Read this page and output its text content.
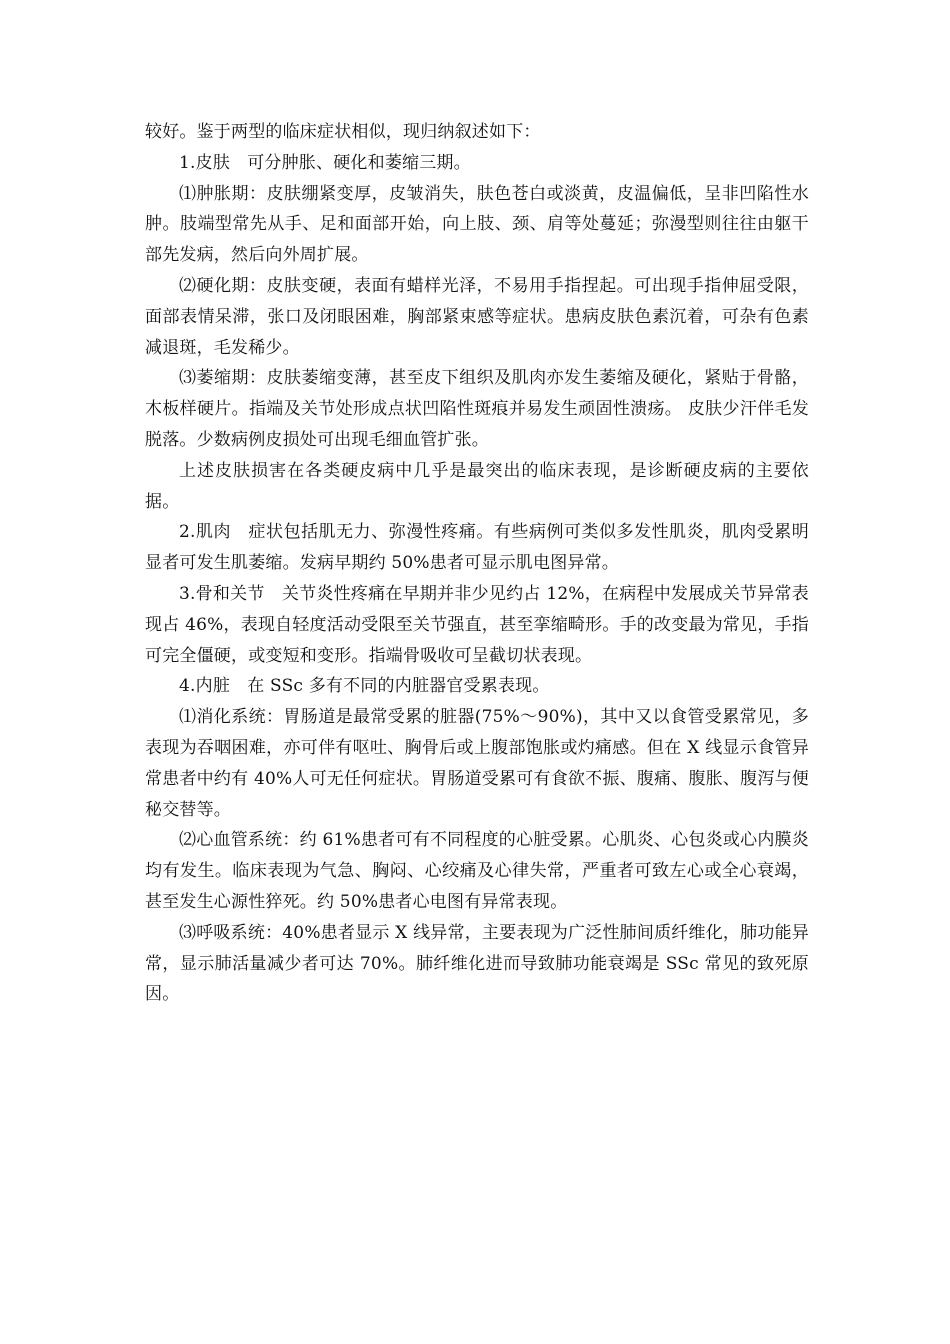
较好。鉴于两型的临床症状相似，现归纳叙述如下：

1.皮肤　可分肿胀、硬化和萎缩三期。

⑴肿胀期：皮肤绷紧变厚，皮皱消失，肤色苍白或淡黄，皮温偏低，呈非凹陷性水肿。肢端型常先从手、足和面部开始，向上肢、颈、肩等处蔓延；弥漫型则往往由躯干部先发病，然后向外周扩展。

⑵硬化期：皮肤变硬，表面有蜡样光泽，不易用手指捏起。可出现手指伸屈受限，面部表情呆滞，张口及闭眼困难，胸部紧束感等症状。患病皮肤色素沉着，可杂有色素减退斑，毛发稀少。

⑶萎缩期：皮肤萎缩变薄，甚至皮下组织及肌肉亦发生萎缩及硬化，紧贴于骨骼，木板样硬片。指端及关节处形成点状凹陷性斑痕并易发生顽固性溃疡。 皮肤少汗伴毛发脱落。少数病例皮损处可出现毛细血管扩张。

上述皮肤损害在各类硬皮病中几乎是最突出的临床表现，是诊断硬皮病的主要依据。

2.肌肉　症状包括肌无力、弥漫性疼痛。有些病例可类似多发性肌炎，肌肉受累明显者可发生肌萎缩。发病早期约 50%患者可显示肌电图异常。

3.骨和关节　关节炎性疼痛在早期并非少见约占 12%，在病程中发展成关节异常表现占 46%，表现自轻度活动受限至关节强直，甚至挛缩畸形。手的改变最为常见，手指可完全僵硬，或变短和变形。指端骨吸收可呈截切状表现。

4.内脏　在 SSc 多有不同的内脏器官受累表现。

⑴消化系统：胃肠道是最常受累的脏器(75%～90%)，其中又以食管受累常见，多表现为吞咽困难，亦可伴有呕吐、胸骨后或上腹部饱胀或灼痛感。但在 X 线显示食管异常患者中约有 40%人可无任何症状。胃肠道受累可有食欲不振、腹痛、腹胀、腹泻与便秘交替等。

⑵心血管系统：约 61%患者可有不同程度的心脏受累。心肌炎、心包炎或心内膜炎均有发生。临床表现为气急、胸闷、心绞痛及心律失常，严重者可致左心或全心衰竭，甚至发生心源性猝死。约 50%患者心电图有异常表现。

⑶呼吸系统：40%患者显示 X 线异常，主要表现为广泛性肺间质纤维化，肺功能异常，显示肺活量减少者可达 70%。肺纤维化进而导致肺功能衰竭是 SSc 常见的致死原因。
